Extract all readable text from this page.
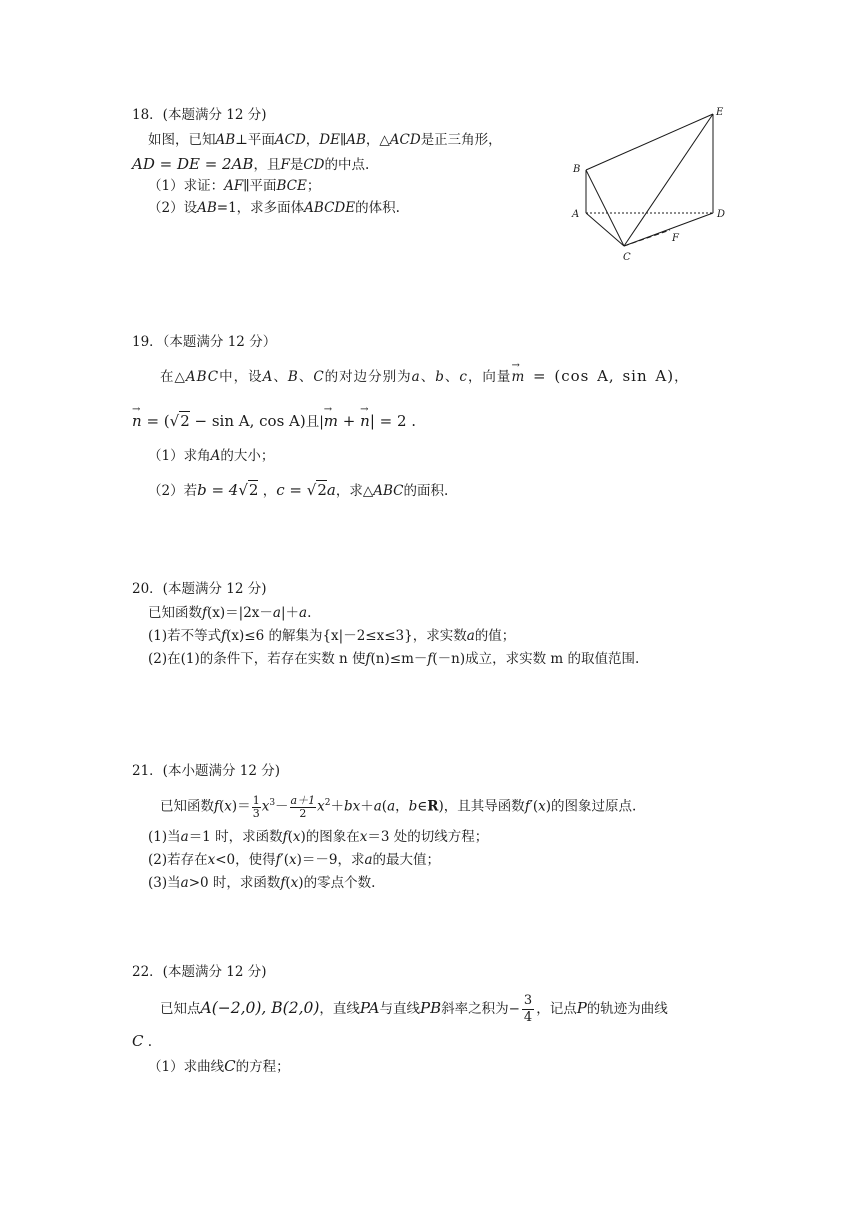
18．(本题满分 12 分)
如图，已知AB⊥平面ACD，DE∥AB，△ACD是正三角形，
AD = DE = 2AB，且F是CD的中点.
（1）求证：AF∥平面BCE；
（2）设AB=1，求多面体ABCDE的体积.
E
B
A	D
F
C
19．（本题满分 12 分）
在△ABC中，设A、B、C的对边分别为a、b、c，向量→ m = (cos A, sin A)，
→ n = (√2 − sin A, cos A)且|→ m + → n| = 2 .
（1）求角A的大小；
（2）若b = 4√2 ，c = √2a，求△ABC的面积.
20．(本题满分 12 分)
已知函数f(x)＝|2x－a|＋a.
(1)若不等式f(x)≤6 的解集为{x|－2≤x≤3}，求实数a的值；
(2)在(1)的条件下，若存在实数 n 使f(n)≤m－f(－n)成立，求实数 m 的取值范围.
21．(本小题满分 12 分)
已知函数$f(x)= \frac{1}{3} x^3- \frac{a+1}{2} x^2+bx+a(a$，b∈R)，且其导函数f′(x)的图象过原点.
(1)当a＝1 时，求函数f(x)的图象在x＝3 处的切线方程；
(2)若存在x<0，使得f′(x)＝－9，求a的最大值；
(3)当a>0 时，求函数f(x)的零点个数.
22．(本题满分 12 分)
已知点A(−2,0), B(2,0)，直线PA与直线PB斜率之积为− $\frac{3}{4}$ ，记点P的轨迹为曲线
C .
（1）求曲线C的方程；
